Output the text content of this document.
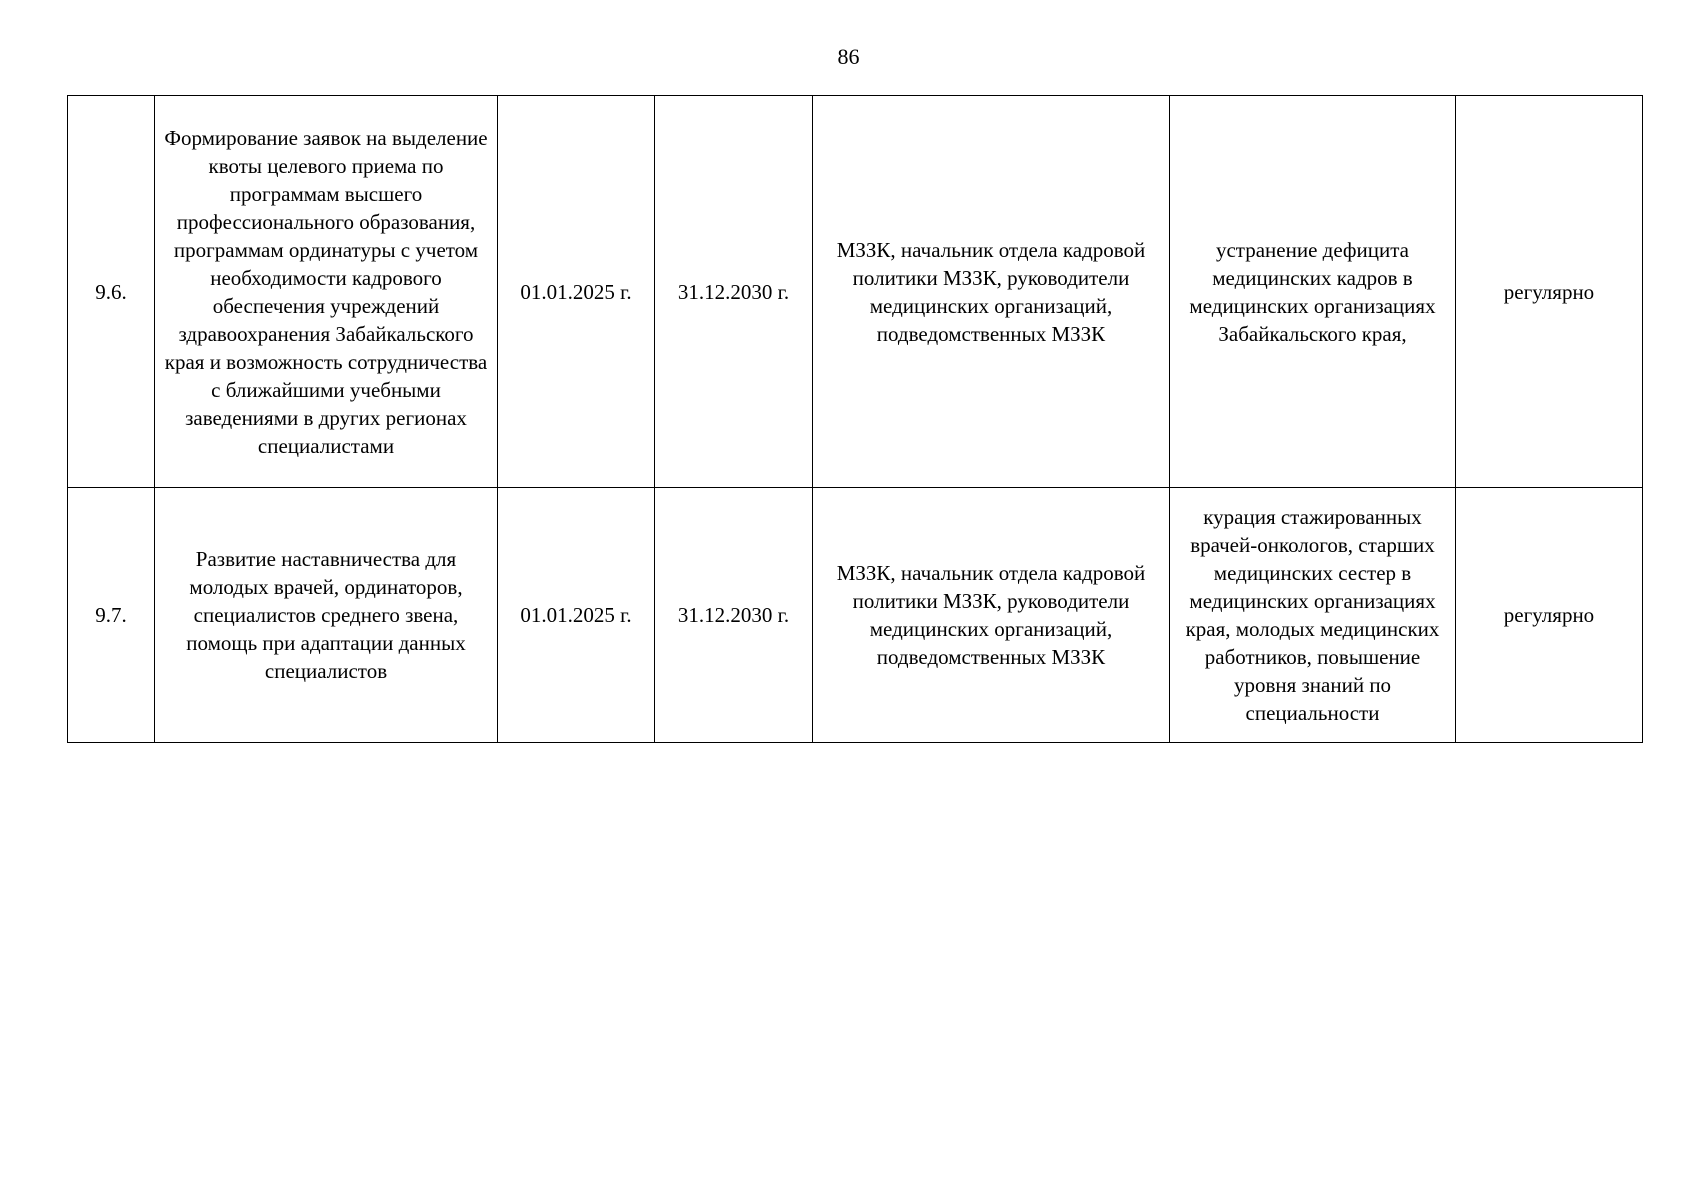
86
9.6.	Формирование заявок на выделение квоты целевого приема по программам высшего профессионального образования, программам ординатуры с учетом необходимости кадрового обеспечения учреждений здравоохранения Забайкальского края и возможность сотрудничества с ближайшими учебными заведениями в других регионах специалистами	01.01.2025 г.	31.12.2030 г.	МЗЗК, начальник отдела кадровой политики МЗЗК, руководители медицинских организаций, подведомственных МЗЗК	устранение дефицита медицинских кадров в медицинских организациях Забайкальского края,	регулярно
9.7.	Развитие наставничества для молодых врачей, ординаторов, специалистов среднего звена, помощь при адаптации данных специалистов	01.01.2025 г.	31.12.2030 г.	МЗЗК, начальник отдела кадровой политики МЗЗК, руководители медицинских организаций, подведомственных МЗЗК	курация стажированных врачей-онкологов, старших медицинских сестер в медицинских организациях края, молодых медицинских работников, повышение уровня знаний по специальности	регулярно
